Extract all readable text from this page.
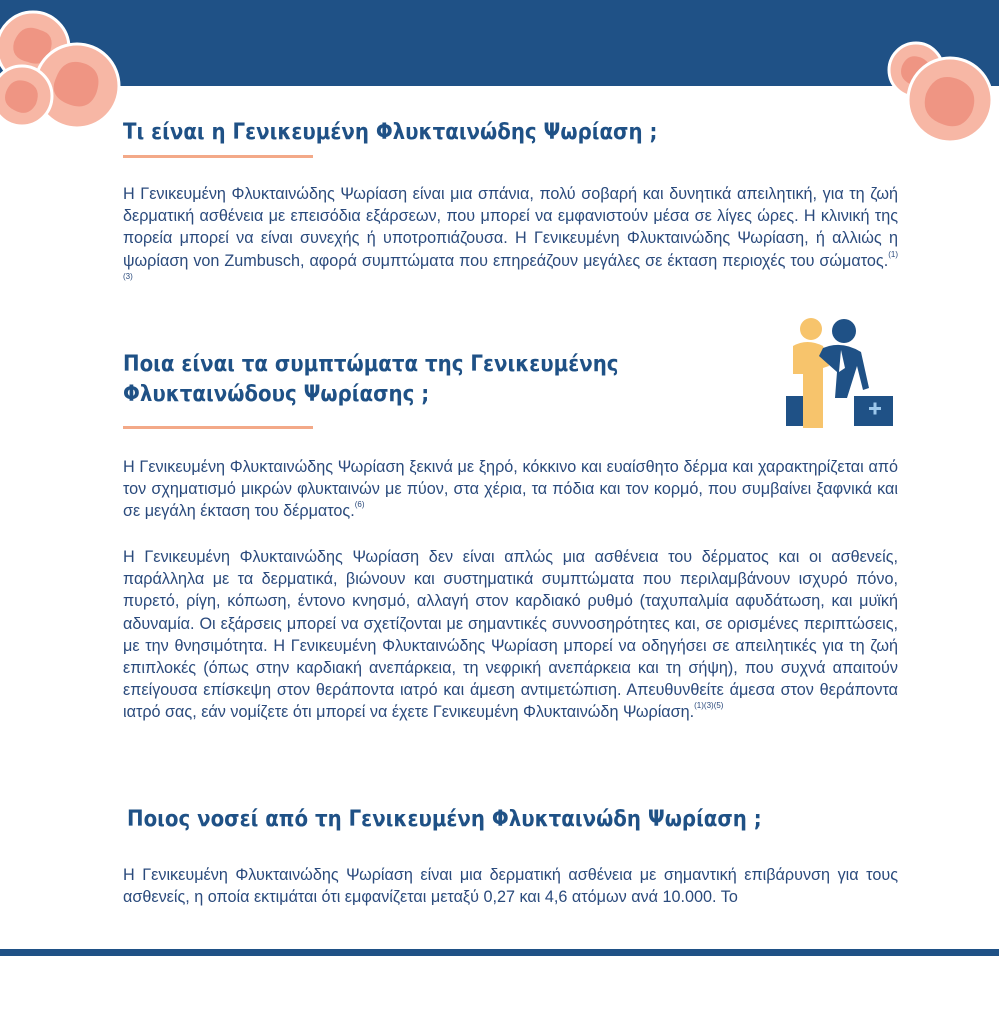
Τι είναι η Γενικευμένη Φλυκταινώδης Ψωρίαση ;

Η Γενικευμένη Φλυκταινώδης Ψωρίαση είναι μια σπάνια, πολύ σοβαρή και δυνητικά απειλητική, για τη ζωή δερματική ασθένεια με επεισόδια εξάρσεων, που μπορεί να εμφανιστούν μέσα σε λίγες ώρες. Η κλινική της πορεία μπορεί να είναι συνεχής ή υποτροπιάζουσα. Η Γενικευμένη Φλυκταινώδης Ψωρίαση, ή αλλιώς η ψωρίαση von Zumbusch, αφορά συμπτώματα που επηρεάζουν μεγάλες σε έκταση περιοχές του σώματος.$^{(1)(3)}$

Ποια είναι τα συμπτώματα της Γενικευμένης Φλυκταινώδους Ψωρίασης ;

Η Γενικευμένη Φλυκταινώδης Ψωρίαση ξεκινά με ξηρό, κόκκινο και ευαίσθητο δέρμα και χαρακτηρίζεται από τον σχηματισμό μικρών φλυκταινών με πύον, στα χέρια, τα πόδια και τον κορμό, που συμβαίνει ξαφνικά και σε μεγάλη έκταση του δέρματος.$^{(6)}$

Η Γενικευμένη Φλυκταινώδης Ψωρίαση δεν είναι απλώς μια ασθένεια του δέρματος και οι ασθενείς, παράλληλα με τα δερματικά, βιώνουν και συστηματικά συμπτώματα που περιλαμβάνουν ισχυρό πόνο, πυρετό, ρίγη, κόπωση, έντονο κνησμό, αλλαγή στον καρδιακό ρυθμό (ταχυπαλμία αφυδάτωση, και μυϊκή αδυναμία. Οι εξάρσεις μπορεί να σχετίζονται με σημαντικές συννοσηρότητες και, σε ορισμένες περιπτώσεις, με την θνησιμότητα. Η Γενικευμένη Φλυκταινώδης Ψωρίαση μπορεί να οδηγήσει σε απειλητικές για τη ζωή επιπλοκές (όπως στην καρδιακή ανεπάρκεια, τη νεφρική ανεπάρκεια και τη σήψη), που συχνά απαιτούν επείγουσα επίσκεψη στον θεράποντα ιατρό και άμεση αντιμετώπιση. Απευθυνθείτε άμεσα στον θεράποντα ιατρό σας, εάν νομίζετε ότι μπορεί να έχετε Γενικευμένη Φλυκταινώδη Ψωρίαση.$^{(1)(3)(5)}$

Ποιος νοσεί από τη Γενικευμένη Φλυκταινώδη Ψωρίαση ;

Η Γενικευμένη Φλυκταινώδης Ψωρίαση είναι μια δερματική ασθένεια με σημαντική επιβάρυνση για τους ασθενείς, η οποία εκτιμάται ότι εμφανίζεται μεταξύ 0,27 και 4,6 ατόμων ανά 10.000. Το
